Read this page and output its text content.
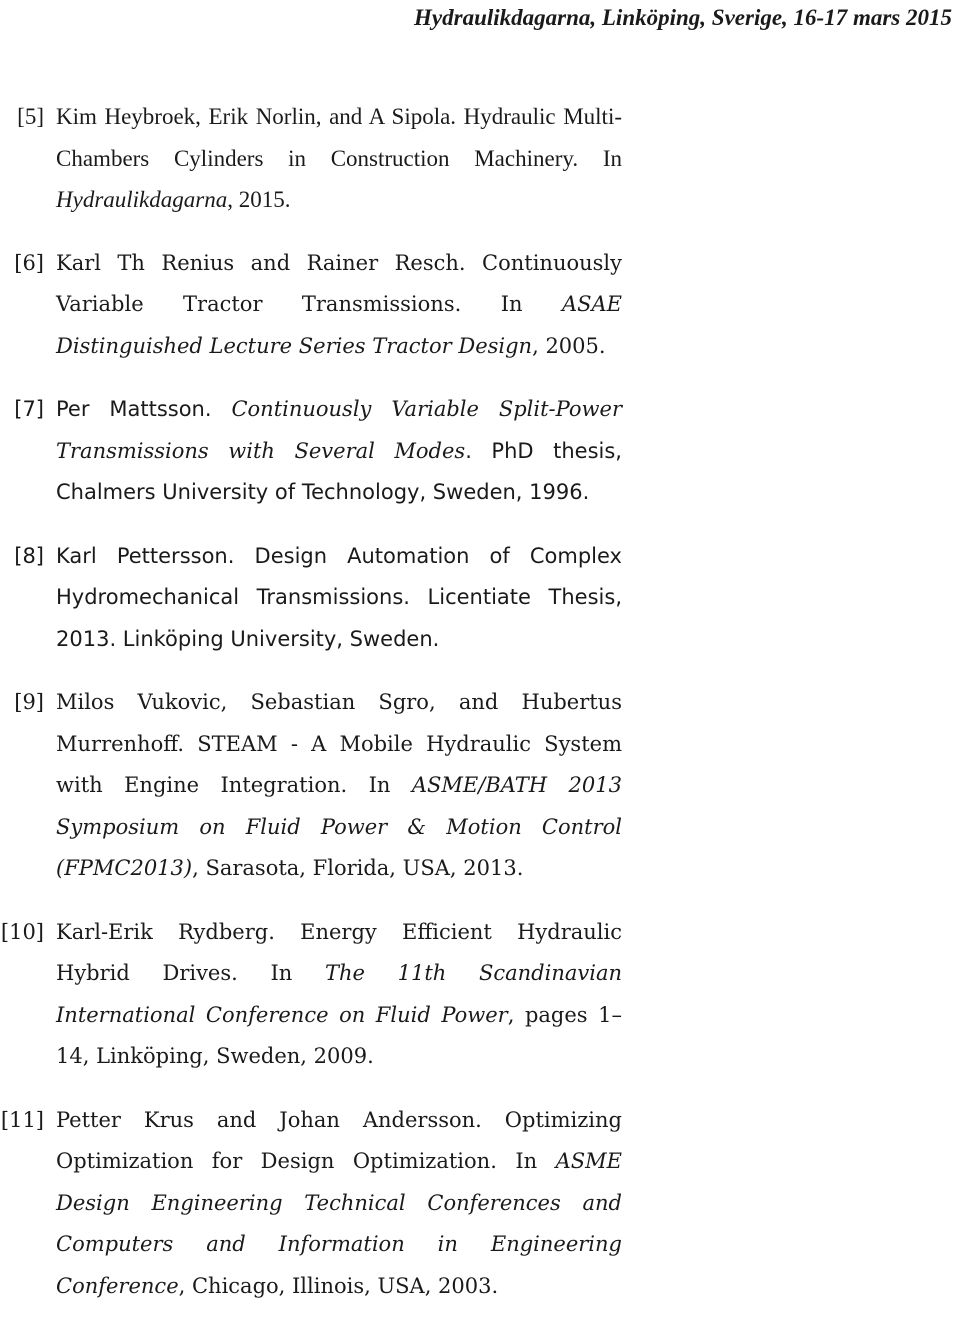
Hydraulikdagarna, Linköping, Sverige, 16-17 mars 2015
[5] Kim Heybroek, Erik Norlin, and A Sipola. Hydraulic Multi-Chambers Cylinders in Construction Machinery. In Hydraulikdagarna, 2015.
[6] Karl Th Renius and Rainer Resch. Continuously Variable Tractor Transmissions. In ASAE Distinguished Lecture Series Tractor Design, 2005.
[7] Per Mattsson. Continuously Variable Split-Power Transmissions with Several Modes. PhD thesis, Chalmers University of Technology, Sweden, 1996.
[8] Karl Pettersson. Design Automation of Complex Hydromechanical Transmissions. Licentiate Thesis, 2013. Linköping University, Sweden.
[9] Milos Vukovic, Sebastian Sgro, and Hubertus Murrenhoff. STEAM - A Mobile Hydraulic System with Engine Integration. In ASME/BATH 2013 Symposium on Fluid Power & Motion Control (FPMC2013), Sarasota, Florida, USA, 2013.
[10] Karl-Erik Rydberg. Energy Efficient Hydraulic Hybrid Drives. In The 11th Scandinavian International Conference on Fluid Power, pages 1–14, Linköping, Sweden, 2009.
[11] Petter Krus and Johan Andersson. Optimizing Optimization for Design Optimization. In ASME Design Engineering Technical Conferences and Computers and Information in Engineering Conference, Chicago, Illinois, USA, 2003.
